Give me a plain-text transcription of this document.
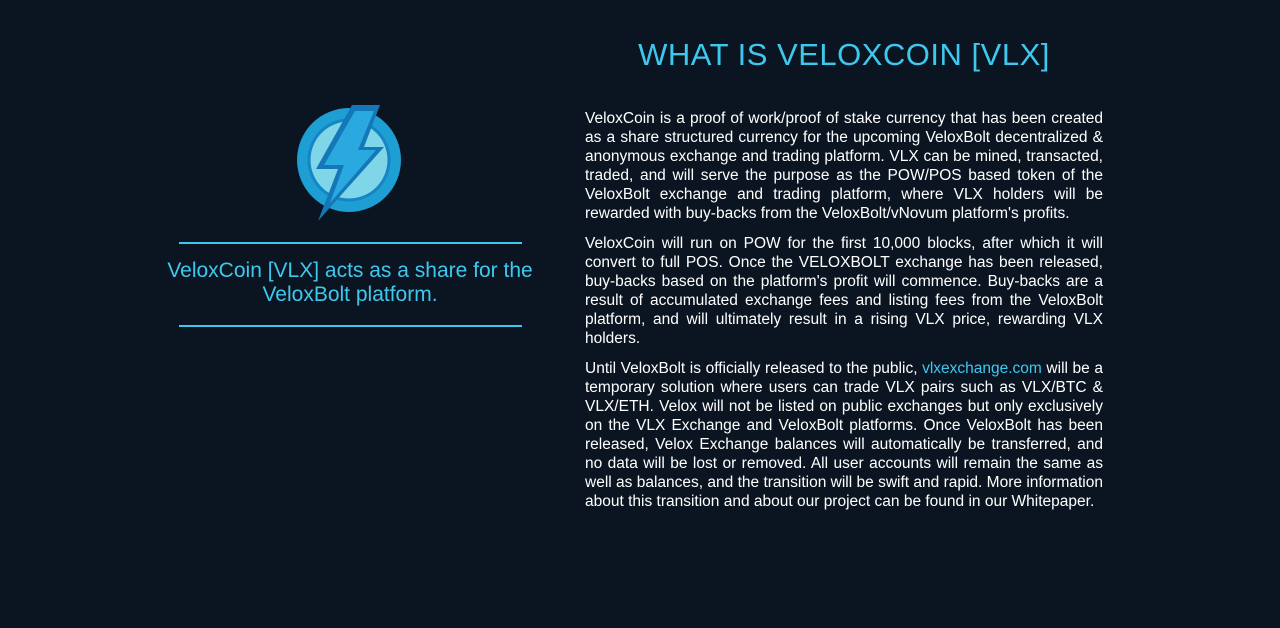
WHAT IS VELOXCOIN [VLX]

VeloxCoin [VLX] acts as a share for the VeloxBolt platform.

VeloxCoin is a proof of work/proof of stake currency that has been created as a share structured currency for the upcoming VeloxBolt decentralized & anonymous exchange and trading platform. VLX can be mined, transacted, traded, and will serve the purpose as the POW/POS based token of the VeloxBolt exchange and trading platform, where VLX holders will be rewarded with buy-backs from the VeloxBolt/vNovum platform's profits.

VeloxCoin will run on POW for the first 10,000 blocks, after which it will convert to full POS. Once the VELOXBOLT exchange has been released, buy-backs based on the platform's profit will commence. Buy-backs are a result of accumulated exchange fees and listing fees from the VeloxBolt platform, and will ultimately result in a rising VLX price, rewarding VLX holders.

Until VeloxBolt is officially released to the public, vlxexchange.com will be a temporary solution where users can trade VLX pairs such as VLX/BTC & VLX/ETH. Velox will not be listed on public exchanges but only exclusively on the VLX Exchange and VeloxBolt platforms. Once VeloxBolt has been released, Velox Exchange balances will automatically be transferred, and no data will be lost or removed. All user accounts will remain the same as well as balances, and the transition will be swift and rapid. More information about this transition and about our project can be found in our Whitepaper.
